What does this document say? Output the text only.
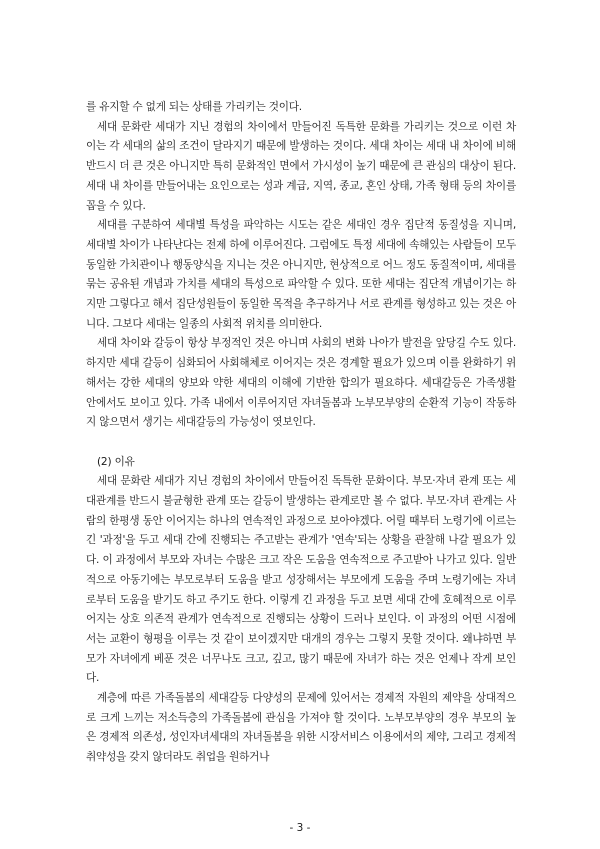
를 유지할 수 없게 되는 상태를 가리키는 것이다.

세대 문화란 세대가 지닌 경험의 차이에서 만들어진 독특한 문화를 가리키는 것으로 이런 차이는 각 세대의 삶의 조건이 달라지기 때문에 발생하는 것이다. 세대 차이는 세대 내 차이에 비해 반드시 더 큰 것은 아니지만 특히 문화적인 면에서 가시성이 높기 때문에 큰 관심의 대상이 된다. 세대 내 차이를 만들어내는 요인으로는 성과 계급, 지역, 종교, 혼인 상태, 가족 형태 등의 차이를 꼽을 수 있다.

세대를 구분하여 세대별 특성을 파악하는 시도는 같은 세대인 경우 집단적 동질성을 지니며, 세대별 차이가 나타난다는 전제 하에 이루어진다. 그럼에도 특정 세대에 속해있는 사람들이 모두 동일한 가치관이나 행동양식을 지니는 것은 아니지만, 현상적으로 어느 정도 동질적이며, 세대를 묶는 공유된 개념과 가치를 세대의 특성으로 파악할 수 있다. 또한 세대는 집단적 개념이기는 하지만 그렇다고 해서 집단성원들이 동일한 목적을 추구하거나 서로 관계를 형성하고 있는 것은 아니다. 그보다 세대는 일종의 사회적 위치를 의미한다.

세대 차이와 갈등이 항상 부정적인 것은 아니며 사회의 변화 나아가 발전을 앞당길 수도 있다. 하지만 세대 갈등이 심화되어 사회해체로 이어지는 것은 경계할 필요가 있으며 이를 완화하기 위해서는 강한 세대의 양보와 약한 세대의 이해에 기반한 합의가 필요하다. 세대갈등은 가족생활 안에서도 보이고 있다. 가족 내에서 이루어지던 자녀돌봄과 노부모부양의 순환적 기능이 작동하지 않으면서 생기는 세대갈등의 가능성이 엿보인다.

(2) 이유

세대 문화란 세대가 지닌 경험의 차이에서 만들어진 독특한 문화이다. 부모·자녀 관계 또는 세대관계를 반드시 불균형한 관계 또는 갈등이 발생하는 관계로만 볼 수 없다. 부모·자녀 관계는 사람의 한평생 동안 이어지는 하나의 연속적인 과정으로 보아야겠다. 어릴 때부터 노령기에 이르는 긴 '과정'을 두고 세대 간에 진행되는 주고받는 관계가 '연속'되는 상황을 관찰해 나갈 필요가 있다. 이 과정에서 부모와 자녀는 수많은 크고 작은 도움을 연속적으로 주고받아 나가고 있다. 일반적으로 아동기에는 부모로부터 도움을 받고 성장해서는 부모에게 도움을 주며 노령기에는 자녀로부터 도움을 받기도 하고 주기도 한다. 이렇게 긴 과정을 두고 보면 세대 간에 호혜적으로 이루어지는 상호 의존적 관계가 연속적으로 진행되는 상황이 드러나 보인다. 이 과정의 어떤 시점에서는 교환이 형평을 이루는 것 같이 보이겠지만 대개의 경우는 그렇지 못할 것이다. 왜냐하면 부모가 자녀에게 베푼 것은 너무나도 크고, 깊고, 많기 때문에 자녀가 하는 것은 언제나 작게 보인다.

계층에 따른 가족돌봄의 세대갈등 다양성의 문제에 있어서는 경제적 자원의 제약을 상대적으로 크게 느끼는 저소득층의 가족돌봄에 관심을 가져야 할 것이다. 노부모부양의 경우 부모의 높은 경제적 의존성, 성인자녀세대의 자녀돌봄을 위한 시장서비스 이용에서의 제약, 그리고 경제적 취약성을 갖지 않더라도 취업을 원하거나

- 3 -
